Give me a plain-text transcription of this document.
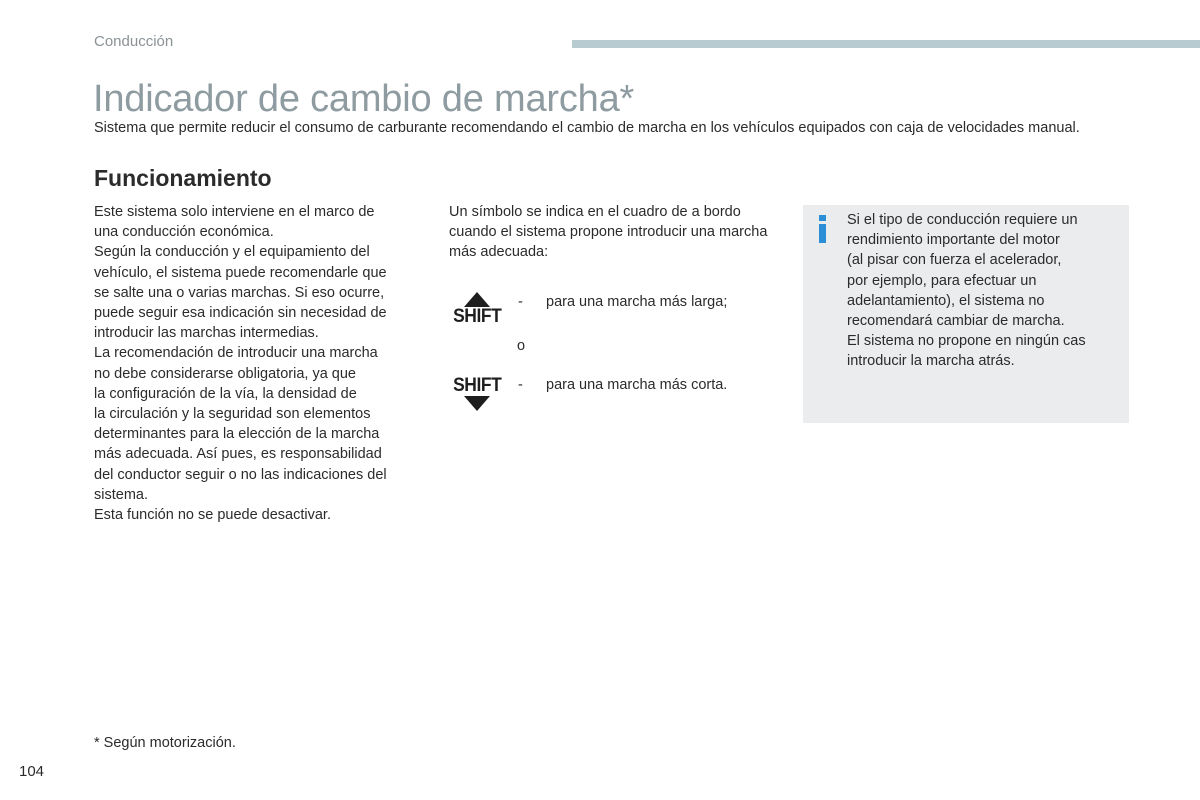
Conducción
Indicador de cambio de marcha*

Sistema que permite reducir el consumo de carburante recomendando el cambio de marcha en los vehículos equipados con caja de velocidades manual.

Funcionamiento

Este sistema solo interviene en el marco de
una conducción económica.
Según la conducción y el equipamiento del
vehículo, el sistema puede recomendarle que
se salte una o varias marchas. Si eso ocurre,
puede seguir esa indicación sin necesidad de
introducir las marchas intermedias.
La recomendación de introducir una marcha
no debe considerarse obligatoria, ya que
la configuración de la vía, la densidad de
la circulación y la seguridad son elementos
determinantes para la elección de la marcha
más adecuada. Así pues, es responsabilidad
del conductor seguir o no las indicaciones del
sistema.
Esta función no se puede desactivar.

Un símbolo se indica en el cuadro de a bordo cuando el sistema propone introducir una marcha más adecuada:

SHIFT
- para una marcha más larga;
o
SHIFT - para una marcha más corta.

Si el tipo de conducción requiere un
rendimiento importante del motor
(al pisar con fuerza el acelerador,
por ejemplo, para efectuar un
adelantamiento), el sistema no
recomendará cambiar de marcha.
El sistema no propone en ningún cas
introducir la marcha atrás.

* Según motorización.
104
